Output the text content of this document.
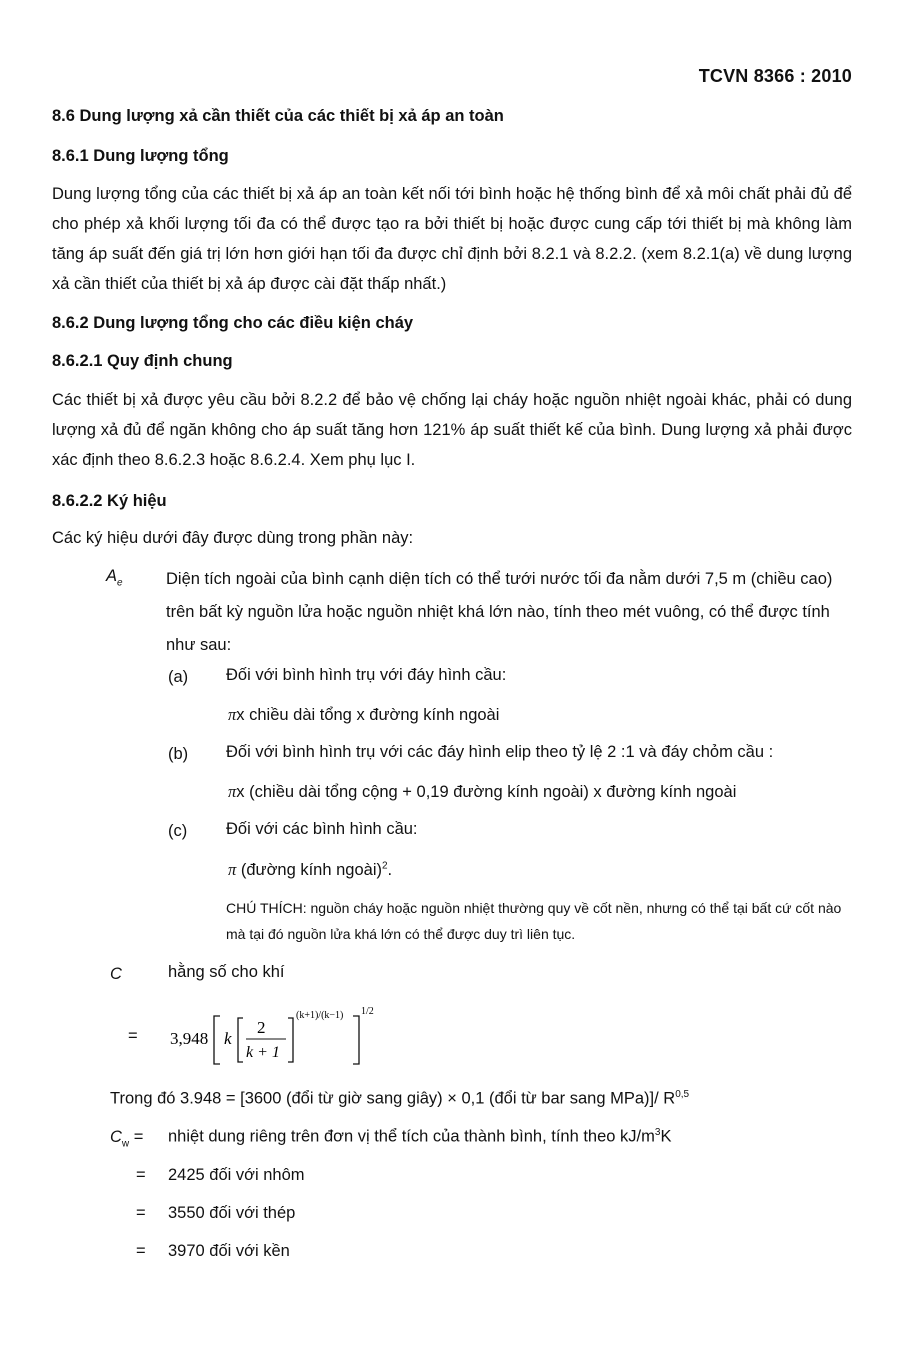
TCVN 8366 : 2010
8.6 Dung lượng xả cần thiết của các thiết bị xả áp an toàn
8.6.1 Dung lượng tổng
Dung lượng tổng của các thiết bị xả áp an toàn kết nối tới bình hoặc hệ thống bình để xả môi chất phải đủ để cho phép xả khối lượng tối đa có thể được tạo ra bởi thiết bị hoặc được cung cấp tới thiết bị mà không làm tăng áp suất đến giá trị lớn hơn giới hạn tối đa được chỉ định bởi 8.2.1 và 8.2.2. (xem 8.2.1(a) về dung lượng xả cần thiết của thiết bị xả áp được cài đặt thấp nhất.)
8.6.2 Dung lượng tổng cho các điều kiện cháy
8.6.2.1 Quy định chung
Các thiết bị xả được yêu cầu bởi 8.2.2 để bảo vệ chống lại cháy hoặc nguồn nhiệt ngoài khác, phải có dung lượng xả đủ để ngăn không cho áp suất tăng hơn 121% áp suất thiết kế của bình. Dung lượng xả phải được xác định theo 8.6.2.3 hoặc 8.6.2.4. Xem phụ lục I.
8.6.2.2 Ký hiệu
Các ký hiệu dưới đây được dùng trong phần này:
$A_e$	Diện tích ngoài của bình cạnh diện tích có thể tưới nước tối đa nằm dưới 7,5 m (chiều cao) trên bất kỳ nguồn lửa hoặc nguồn nhiệt khá lớn nào, tính theo mét vuông, có thể được tính như sau:
(a) Đối với bình hình trụ với đáy hình cầu:
πx chiều dài tổng x đường kính ngoài
(b) Đối với bình hình trụ với các đáy hình elip theo tỷ lệ 2 :1 và đáy chỏm cầu :
πx (chiều dài tổng cộng + 0,19 đường kính ngoài) x đường kính ngoài
(c) Đối với các bình hình cầu:
π (đường kính ngoài)$^2$.
CHÚ THÍCH: nguồn cháy hoặc nguồn nhiệt thường quy về cốt nền, nhưng có thể tại bất cứ cốt nào mà tại đó nguồn lửa khá lớn có thể được duy trì liên tục.
C	hằng số cho khí
= 3,948 k
2
k + 1
(k+1)/(k−1) 1/2
Trong đó 3.948 = [3600 (đổi từ giờ sang giây) × 0,1 (đổi từ bar sang MPa)]/ R$^{0,5}$
$C_w$ = nhiệt dung riêng trên đơn vị thể tích của thành bình, tính theo $kJ/m^3K$
= 2425 đối với nhôm
= 3550 đối với thép
= 3970 đối với kền
